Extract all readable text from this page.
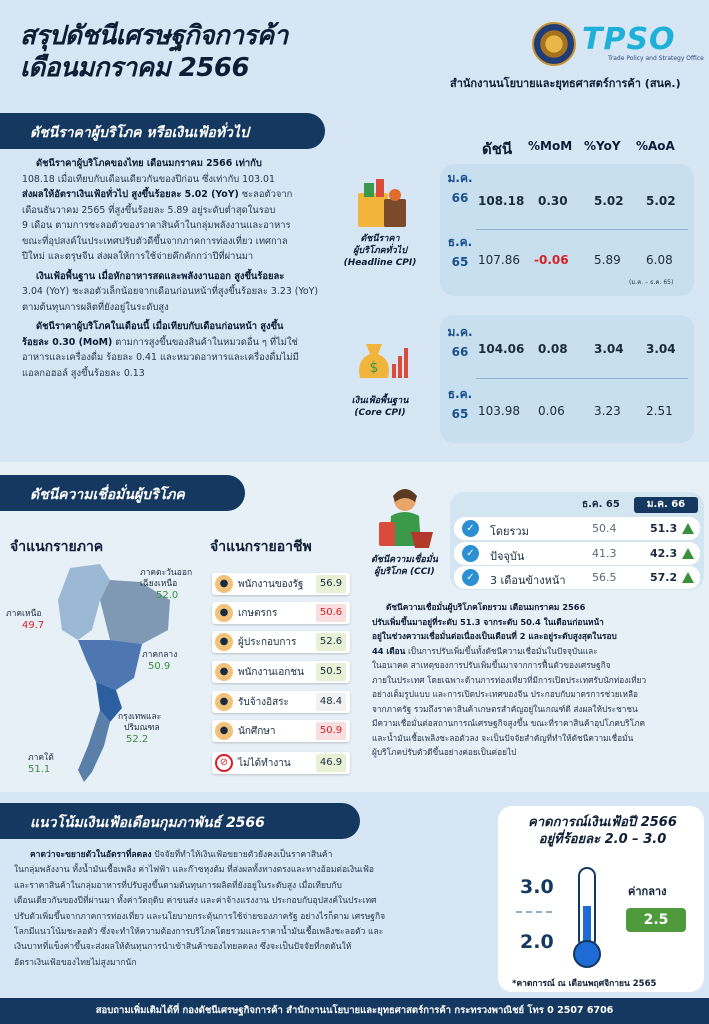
สรุปดัชนีเศรษฐกิจการค้า
เดือนมกราคม 2566
TPSO
Trade Policy and Strategy Office
สำนักงานนโยบายและยุทธศาสตร์การค้า (สนค.)
ดัชนีราคาผู้บริโภค หรือเงินเฟ้อทั่วไป
ดัชนีราคาผู้บริโภคของไทย เดือนมกราคม 2566 เท่ากับ
108.18 เมื่อเทียบกับเดือนเดียวกันของปีก่อน ซึ่งเท่ากับ 103.01
ส่งผลให้อัตราเงินเฟ้อทั่วไป สูงขึ้นร้อยละ 5.02 (YoY) ชะลอตัวจาก
เดือนธันวาคม 2565 ที่สูงขึ้นร้อยละ 5.89 อยู่ระดับต่ำสุดในรอบ
9 เดือน ตามการชะลอตัวของราคาสินค้าในกลุ่มพลังงานและอาหาร
ขณะที่อุปสงค์ในประเทศปรับตัวดีขึ้นจากภาคการท่องเที่ยว เทศกาล
ปีใหม่ และตรุษจีน ส่งผลให้การใช้จ่ายคึกคักกว่าปีที่ผ่านมา
เงินเฟ้อพื้นฐาน เมื่อหักอาหารสดและพลังงานออก สูงขึ้นร้อยละ
3.04 (YoY) ชะลอตัวเล็กน้อยจากเดือนก่อนหน้าที่สูงขึ้นร้อยละ 3.23 (YoY)
ตามต้นทุนการผลิตที่ยังอยู่ในระดับสูง
ดัชนีราคาผู้บริโภคในเดือนนี้ เมื่อเทียบกับเดือนก่อนหน้า สูงขึ้น
ร้อยละ 0.30 (MoM) ตามการสูงขึ้นของสินค้าในหมวดอื่น ๆ ที่ไม่ใช่
อาหารและเครื่องดื่ม ร้อยละ 0.41 และหมวดอาหารและเครื่องดื่มไม่มี
แอลกอฮอล์ สูงขึ้นร้อยละ 0.13
ดัชนี %MoM %YoY %AoA
ดัชนีราคา
ผู้บริโภคทั่วไป
(Headline CPI)
ม.ค.
66 108.18 0.30 5.02 5.02
ธ.ค.
65 107.86 -0.06 5.89 6.08
(ม.ค. – ธ.ค. 65)
$
เงินเฟ้อพื้นฐาน
(Core CPI)
ม.ค.
66 104.06 0.08 3.04 3.04
ธ.ค.
65 103.98 0.06 3.23 2.51
ดัชนีความเชื่อมั่นผู้บริโภค
จำแนกรายภาค	จำแนกรายอาชีพ
ภาคตะวันออก
เฉียงเหนือ
52.0
ภาคเหนือ
49.7
ภาคกลาง
50.9
กรุงเทพและ
ปริมณฑล
52.2
ภาคใต้
51.1
● พนักงานของรัฐ	56.9
● เกษตรกร	50.6
● ผู้ประกอบการ	52.6
● พนักงานเอกชน	50.5
● รับจ้างอิสระ	48.4
● นักศึกษา	50.9
⊘ ไม่ได้ทำงาน	46.9
ดัชนีความเชื่อมั่น
ผู้บริโภค (CCI)
ธ.ค. 65	ม.ค. 66
✓	โดยรวม	50.4	51.3
✓	ปัจจุบัน	41.3	42.3
✓	3 เดือนข้างหน้า 56.5	57.2
ดัชนีความเชื่อมั่นผู้บริโภคโดยรวม เดือนมกราคม 2566
ปรับเพิ่มขึ้นมาอยู่ที่ระดับ 51.3 จากระดับ 50.4 ในเดือนก่อนหน้า
อยู่ในช่วงความเชื่อมั่นต่อเนื่องเป็นเดือนที่ 2 และอยู่ระดับสูงสุดในรอบ
44 เดือน เป็นการปรับเพิ่มขึ้นทั้งดัชนีความเชื่อมั่นในปัจจุบันและ
ในอนาคต สาเหตุของการปรับเพิ่มขึ้นมาจากการฟื้นตัวของเศรษฐกิจ
ภายในประเทศ โดยเฉพาะด้านการท่องเที่ยวที่มีการเปิดประเทศรับนักท่องเที่ยว
อย่างเต็มรูปแบบ และการเปิดประเทศของจีน ประกอบกับมาตรการช่วยเหลือ
จากภาครัฐ รวมถึงราคาสินค้าเกษตรสำคัญอยู่ในเกณฑ์ดี ส่งผลให้ประชาชน
มีความเชื่อมั่นต่อสถานการณ์เศรษฐกิจสูงขึ้น ขณะที่ราคาสินค้าอุปโภคบริโภค
และน้ำมันเชื้อเพลิงชะลอตัวลง จะเป็นปัจจัยสำคัญที่ทำให้ดัชนีความเชื่อมั่น
ผู้บริโภคปรับตัวดีขึ้นอย่างค่อยเป็นค่อยไป
แนวโน้มเงินเฟ้อเดือนกุมภาพันธ์ 2566
คาดว่าจะขยายตัวในอัตราที่ลดลง ปัจจัยที่ทำให้เงินเฟ้อขยายตัวยังคงเป็นราคาสินค้า
ในกลุ่มพลังงาน ทั้งน้ำมันเชื้อเพลิง ค่าไฟฟ้า และก๊าซหุงต้ม ที่ส่งผลทั้งทางตรงและทางอ้อมต่อเงินเฟ้อ
และราคาสินค้าในกลุ่มอาหารที่ปรับสูงขึ้นตามต้นทุนการผลิตที่ยังอยู่ในระดับสูง เมื่อเทียบกับ
เดือนเดียวกันของปีที่ผ่านมา ทั้งค่าวัตถุดิบ ค่าขนส่ง และค่าจ้างแรงงาน ประกอบกับอุปสงค์ในประเทศ
ปรับตัวเพิ่มขึ้นจากภาคการท่องเที่ยว และนโยบายกระตุ้นการใช้จ่ายของภาครัฐ อย่างไรก็ตาม เศรษฐกิจ
โลกมีแนวโน้มชะลอตัว ซึ่งจะทำให้ความต้องการบริโภคโดยรวมและราคาน้ำมันเชื้อเพลิงชะลอตัว และ
เงินบาทที่แข็งค่าขึ้นจะส่งผลให้ต้นทุนการนำเข้าสินค้าของไทยลดลง ซึ่งจะเป็นปัจจัยที่กดดันให้
อัตราเงินเฟ้อของไทยไม่สูงมากนัก
คาดการณ์เงินเฟ้อปี 2566
อยู่ที่ร้อยละ 2.0 – 3.0
3.0
2.0
ค่ากลาง
2.5
*คาดการณ์ ณ เดือนพฤศจิกายน 2565
สอบถามเพิ่มเติมได้ที่ กองดัชนีเศรษฐกิจการค้า สำนักงานนโยบายและยุทธศาสตร์การค้า กระทรวงพาณิชย์ โทร 0 2507 6706
